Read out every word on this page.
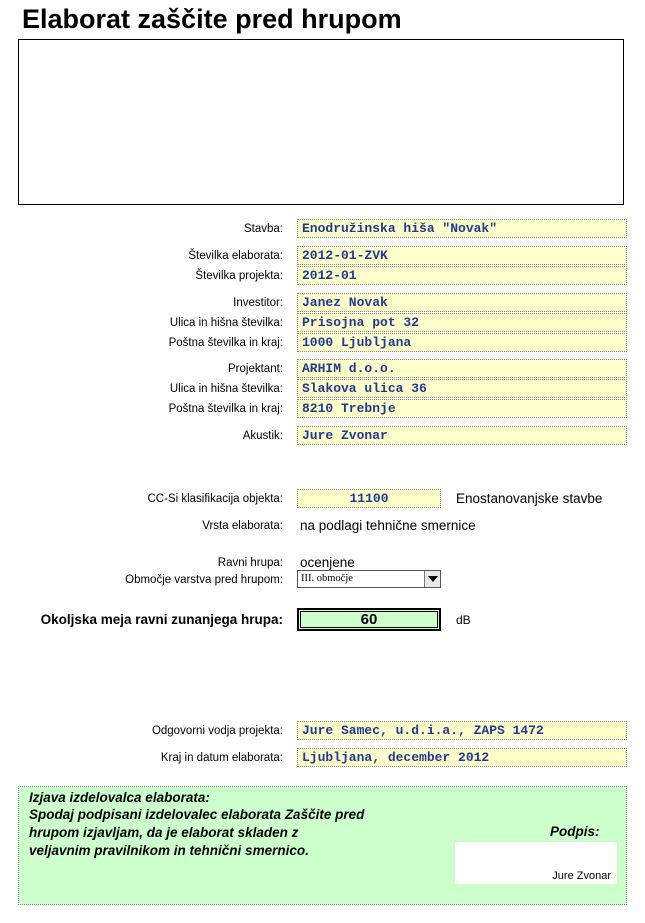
Elaborat zaščite pred hrupom
Stavba:	Enodružinska hiša "Novak"
Številka elaborata:	2012-01-ZVK
Številka projekta:	2012-01
Investitor:	Janez Novak
Ulica in hišna številka:	Prisojna pot 32
Poštna številka in kraj:	1000 Ljubljana
Projektant:	ARHIM d.o.o.
Ulica in hišna številka:	Slakova ulica 36
Poštna številka in kraj:	8210 Trebnje
Akustik:	Jure Zvonar
CC-Si klasifikacija objekta:	11100	Enostanovanjske stavbe
Vrsta elaborata: na podlagi tehnične smernice
Ravni hrupa: ocenjene
Območje varstva pred hrupom:	III. območje
Okoljska meja ravni zunanjega hrupa:	60	dB
Odgovorni vodja projekta:	Jure Samec, u.d.i.a., ZAPS 1472
Kraj in datum elaborata:	Ljubljana, december 2012
Izjava izdelovalca elaborata:
Spodaj podpisani izdelovalec elaborata Zaščite pred
hrupom izjavljam, da je elaborat skladen z
veljavnim pravilnikom in tehnični smernico.
Podpis:
Jure Zvonar
